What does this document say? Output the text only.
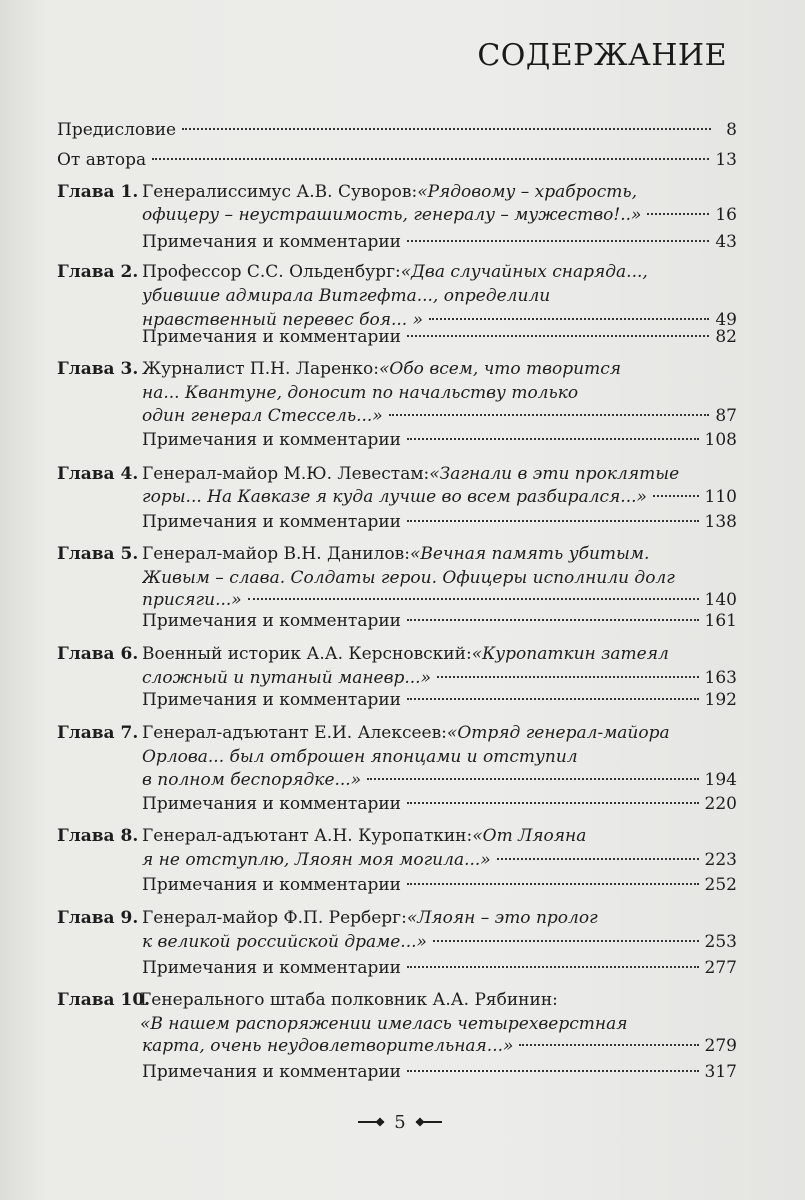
СОДЕРЖАНИЕ
Предисловие	8
От автора	13
Глава 1. Генералиссимус А.В. Суворов: «Рядовому – храбрость,
офицеру – неустрашимость, генералу – мужество!..»	16
Примечания и комментарии	43
Глава 2. Профессор С.С. Ольденбург: «Два случайных снаряда...,
убившие адмирала Витгефта..., определили
нравственный перевес боя... »	49
Примечания и комментарии	82
Глава 3. Журналист П.Н. Ларенко: «Обо всем, что творится
на... Квантуне, доносит по начальству только
один генерал Стессель...»	87
Примечания и комментарии	108
Глава 4. Генерал-майор М.Ю. Левестам: «Загнали в эти проклятые
горы... На Кавказе я куда лучше во всем разбирался...»	110
Примечания и комментарии	138
Глава 5. Генерал-майор В.Н. Данилов: «Вечная память убитым.
Живым – слава. Солдаты герои. Офицеры исполнили долг
присяги...»	140
Примечания и комментарии	161
Глава 6. Военный историк А.А. Керсновский: «Куропаткин затеял
сложный и путаный маневр...»	163
Примечания и комментарии	192
Глава 7. Генерал-адъютант Е.И. Алексеев: «Отряд генерал-майора
Орлова... был отброшен японцами и отступил
в полном беспорядке...»	194
Примечания и комментарии	220
Глава 8. Генерал-адъютант А.Н. Куропаткин: «От Ляояна
я не отступлю, Ляоян моя могила...»	223
Примечания и комментарии	252
Глава 9. Генерал-майор Ф.П. Рерберг: «Ляоян – это пролог
к великой российской драме...»	253
Примечания и комментарии	277
Глава 10.
Генерального штаба полковник А.А. Рябинин:
«В нашем распоряжении имелась четырехверстная
карта, очень неудовлетворительная...»	279
Примечания и комментарии	317
5
